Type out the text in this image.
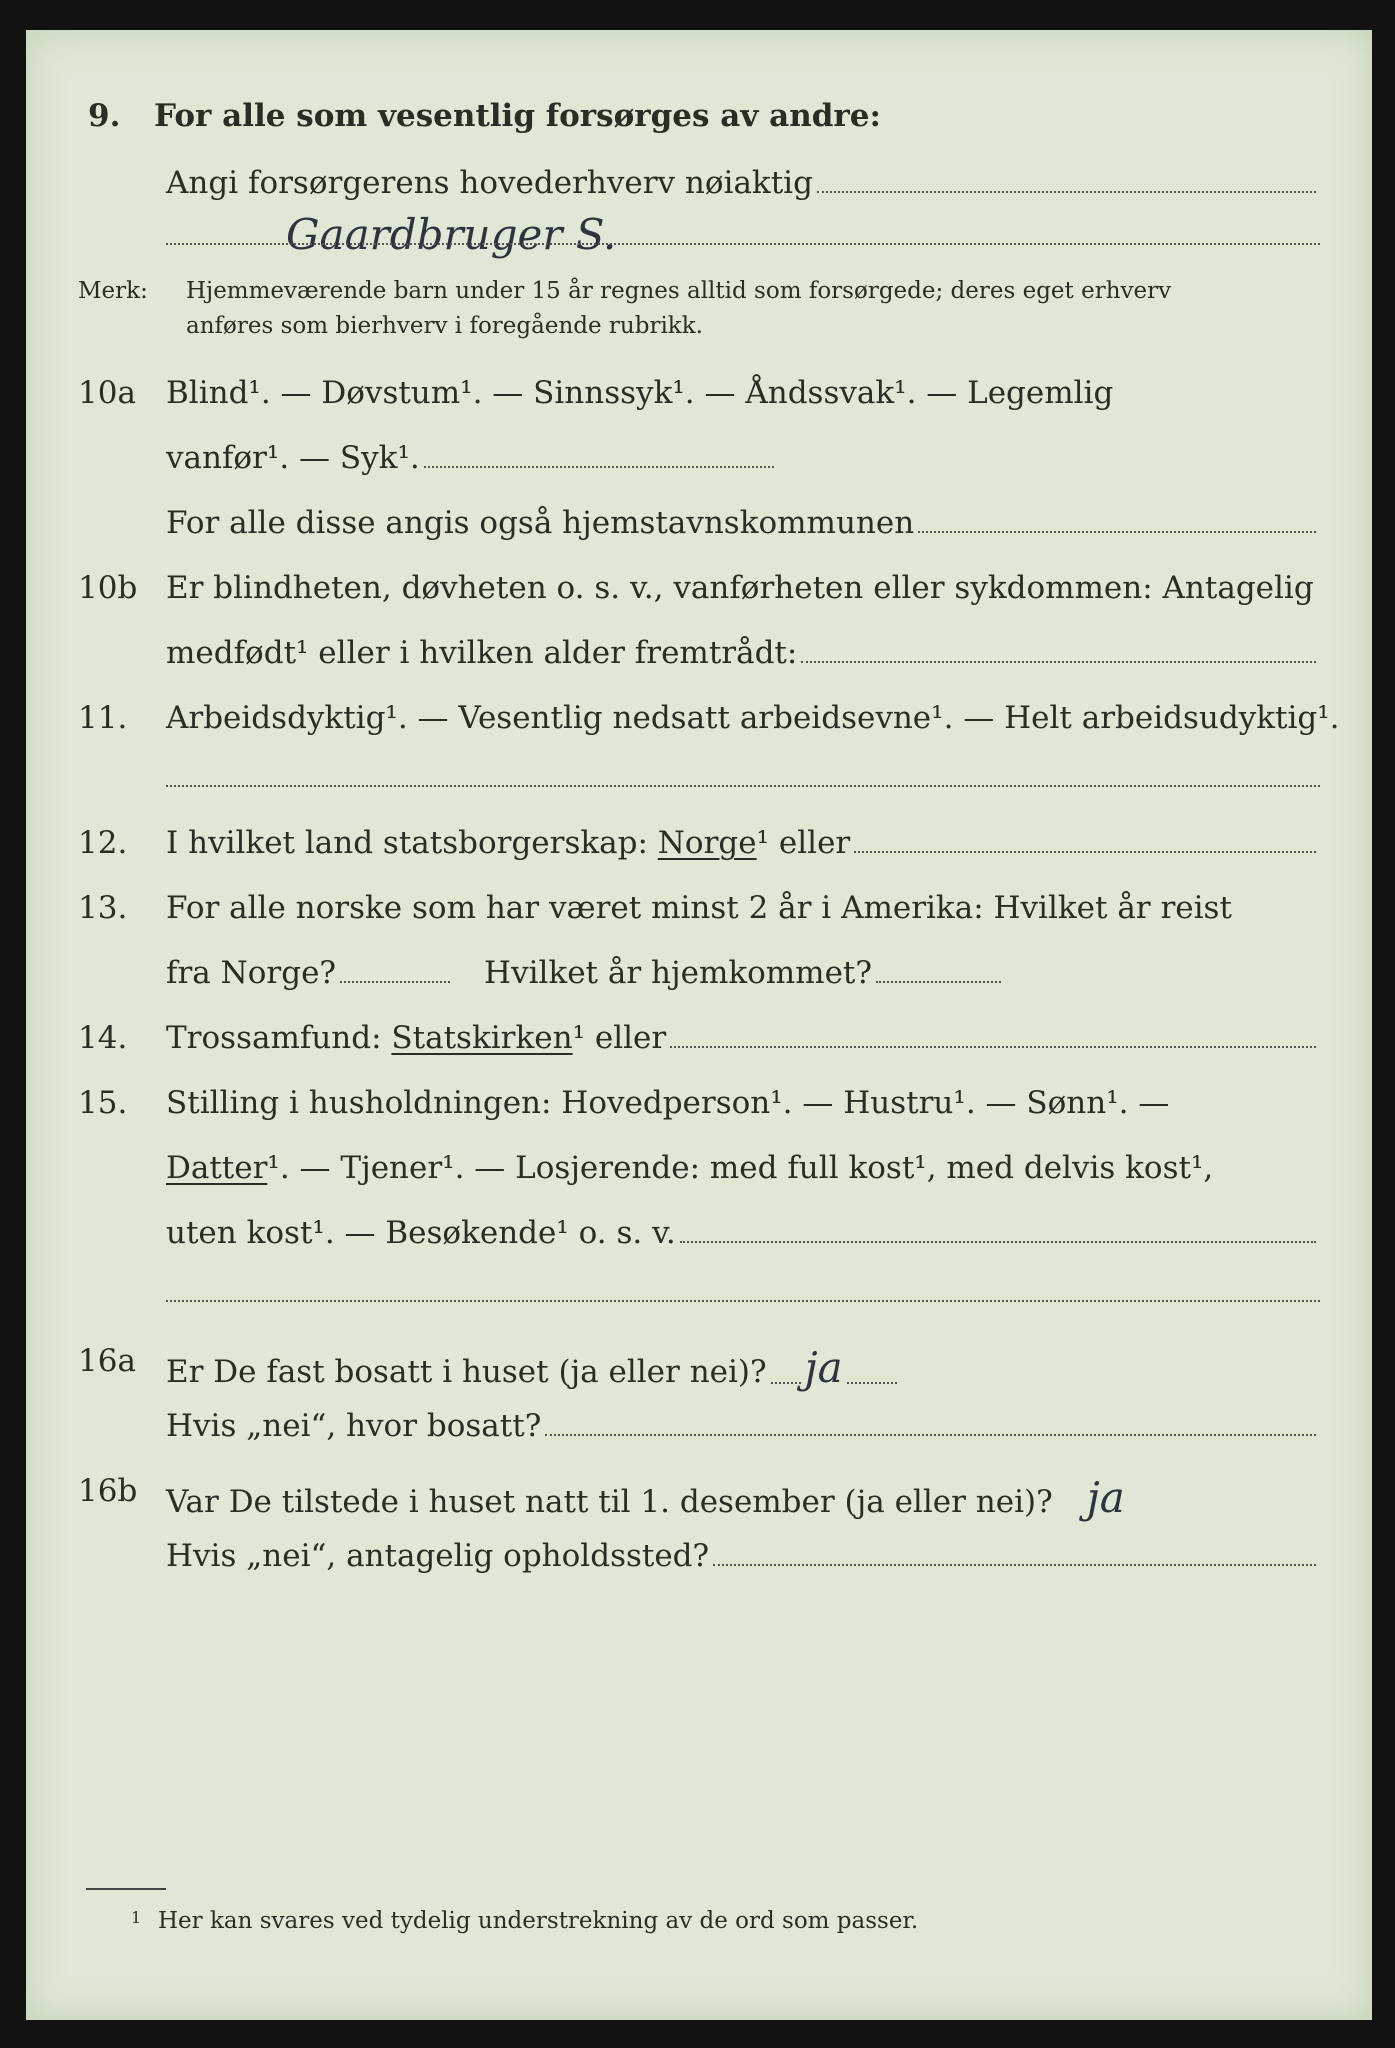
9. For alle som vesentlig forsørges av andre:
Angi forsørgerens hovederhverv nøiaktig
Gaardbruger S.
Merk: Hjemmeværende barn under 15 år regnes alltid som forsørgede; deres eget erhverv
anføres som bierhverv i foregående rubrikk.
10a Blind¹. — Døvstum¹. — Sinnssyk¹. — Åndssvak¹. — Legemlig
vanfør¹. — Syk¹.
For alle disse angis også hjemstavnskommunen
10b Er blindheten, døvheten o. s. v., vanførheten eller sykdommen: Antagelig
medfødt¹ eller i hvilken alder fremtrådt:
11. Arbeidsdyktig¹. — Vesentlig nedsatt arbeidsevne¹. — Helt arbeidsudyktig¹.
12. I hvilket land statsborgerskap:
Norge ¹ eller
13. For alle norske som har været minst 2 år i Amerika: Hvilket år reist
fra Norge?	Hvilket år hjemkommet?
14. Trossamfund:
Statskirken ¹ eller
15. Stilling i husholdningen: Hovedperson¹. — Hustru¹. — Sønn¹. —
Datter ¹. — Tjener¹. — Losjerende: med full kost¹, med delvis kost¹,
uten kost¹. — Besøkende¹ o. s. v.
16a Er De fast bosatt i huset (ja eller nei)? ja
Hvis „nei“, hvor bosatt?
16b Var De tilstede i huset natt til 1. desember (ja eller nei)? ja
Hvis „nei“, antagelig opholdssted?
1 Her kan svares ved tydelig understrekning av de ord som passer.
